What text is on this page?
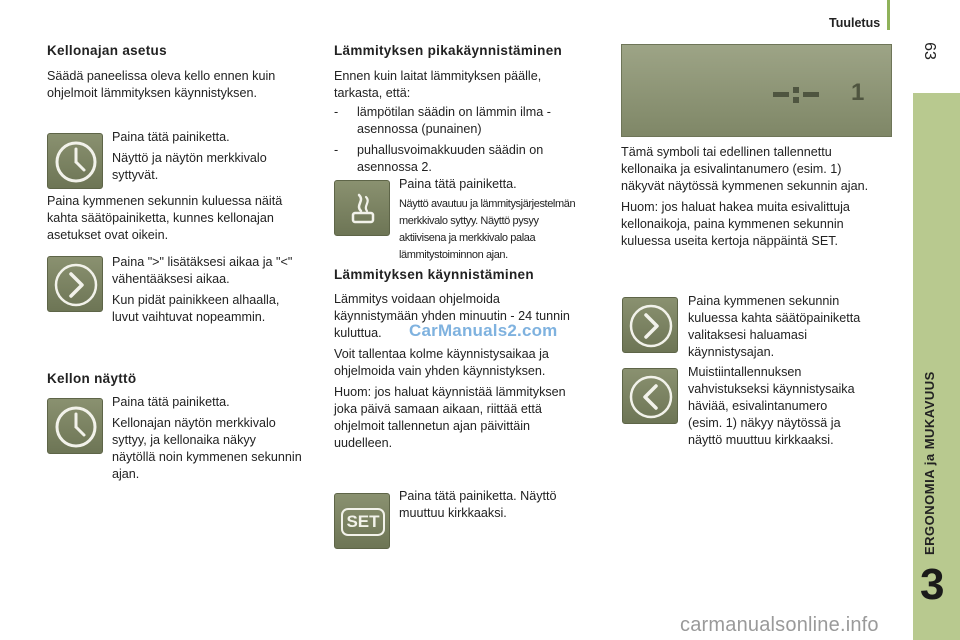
Tuuletus
63
ERGONOMIA ja MUKAVUUS
3
Kellonajan asetus
Säädä paneelissa oleva kello ennen kuin
ohjelmoit lämmityksen käynnistyksen.
Paina tätä painiketta.
Näyttö ja näytön merkkivalo
syttyvät.
Paina kymmenen sekunnin kuluessa näitä
kahta säätöpainiketta, kunnes kellonajan
asetukset ovat oikein.
Paina ">" lisätäksesi aikaa ja "<"
vähentääksesi aikaa.
Kun pidät painikkeen alhaalla,
luvut vaihtuvat nopeammin.
Kellon näyttö
Paina tätä painiketta.
Kellonajan näytön merkkivalo
syttyy, ja kellonaika näkyy
näytöllä noin kymmenen sekunnin
ajan.
Lämmityksen pikakäynnistäminen
Ennen kuin laitat lämmityksen päälle,
tarkasta, että:
- lämpötilan säädin on lämmin ilma -
asennossa (punainen)
- puhallusvoimakkuuden säädin on
asennossa 2.
Paina tätä painiketta.
Näyttö avautuu ja lämmitysjärjestelmän
merkkivalo syttyy. Näyttö pysyy
aktiivisena ja merkkivalo palaa
lämmitystoiminnon ajan.
Lämmityksen käynnistäminen
Lämmitys voidaan ohjelmoida
käynnistymään yhden minuutin - 24 tunnin
kuluttua.
Voit tallentaa kolme käynnistysaikaa ja
ohjelmoida vain yhden käynnistyksen.
Huom: jos haluat käynnistää lämmityksen
joka päivä samaan aikaan, riittää että
ohjelmoit tallennetun ajan päivittäin
uudelleen.
CarManuals2.com
SET
Paina tätä painiketta. Näyttö
muuttuu kirkkaaksi.
1
Tämä symboli tai edellinen tallennettu
kellonaika ja esivalintanumero (esim. 1)
näkyvät näytössä kymmenen sekunnin ajan.
Huom: jos haluat hakea muita esivalittuja
kellonaikoja, paina kymmenen sekunnin
kuluessa useita kertoja näppäintä SET.
Paina kymmenen sekunnin
kuluessa kahta säätöpainiketta
valitaksesi haluamasi
käynnistysajan.
Muistiintallennuksen
vahvistukseksi käynnistysaika
häviää, esivalintanumero
(esim. 1) näkyy näytössä ja
näyttö muuttuu kirkkaaksi.
carmanualsonline.info
